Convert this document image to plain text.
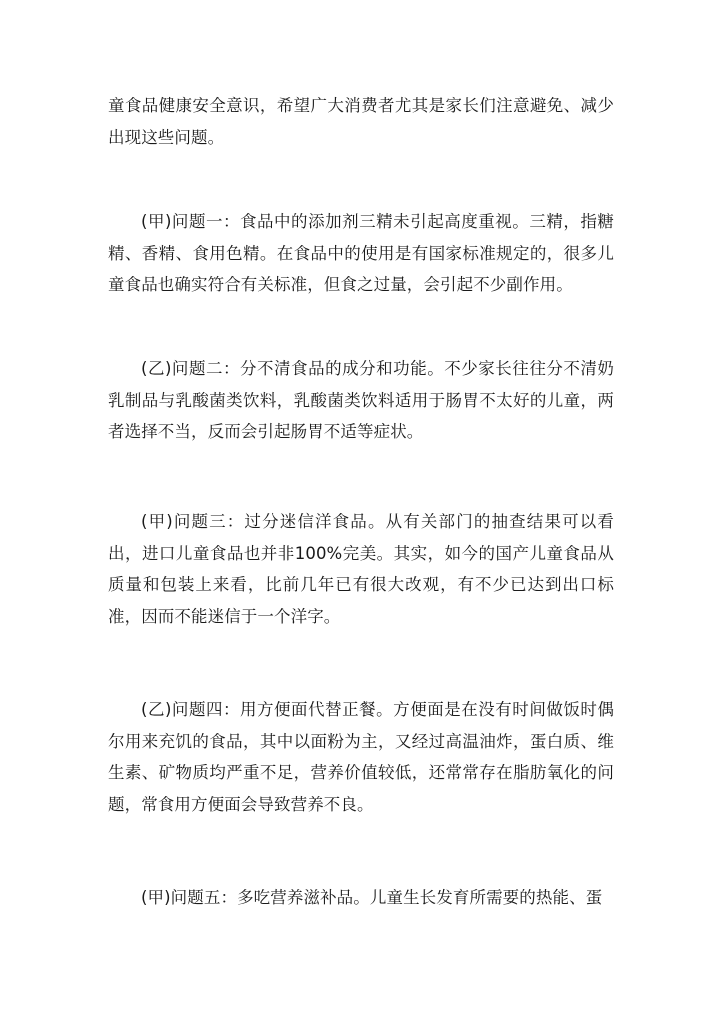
童食品健康安全意识，希望广大消费者尤其是家长们注意避免、减少出现这些问题。

(甲)问题一：食品中的添加剂三精未引起高度重视。三精，指糖精、香精、食用色精。在食品中的使用是有国家标准规定的，很多儿童食品也确实符合有关标准，但食之过量，会引起不少副作用。

(乙)问题二：分不清食品的成分和功能。不少家长往往分不清奶乳制品与乳酸菌类饮料，乳酸菌类饮料适用于肠胃不太好的儿童，两者选择不当，反而会引起肠胃不适等症状。

(甲)问题三：过分迷信洋食品。从有关部门的抽查结果可以看出，进口儿童食品也并非100%完美。其实，如今的国产儿童食品从质量和包装上来看，比前几年已有很大改观，有不少已达到出口标准，因而不能迷信于一个洋字。

(乙)问题四：用方便面代替正餐。方便面是在没有时间做饭时偶尔用来充饥的食品，其中以面粉为主，又经过高温油炸，蛋白质、维生素、矿物质均严重不足，营养价值较低，还常常存在脂肪氧化的问题，常食用方便面会导致营养不良。

(甲)问题五：多吃营养滋补品。儿童生长发育所需要的热能、蛋
